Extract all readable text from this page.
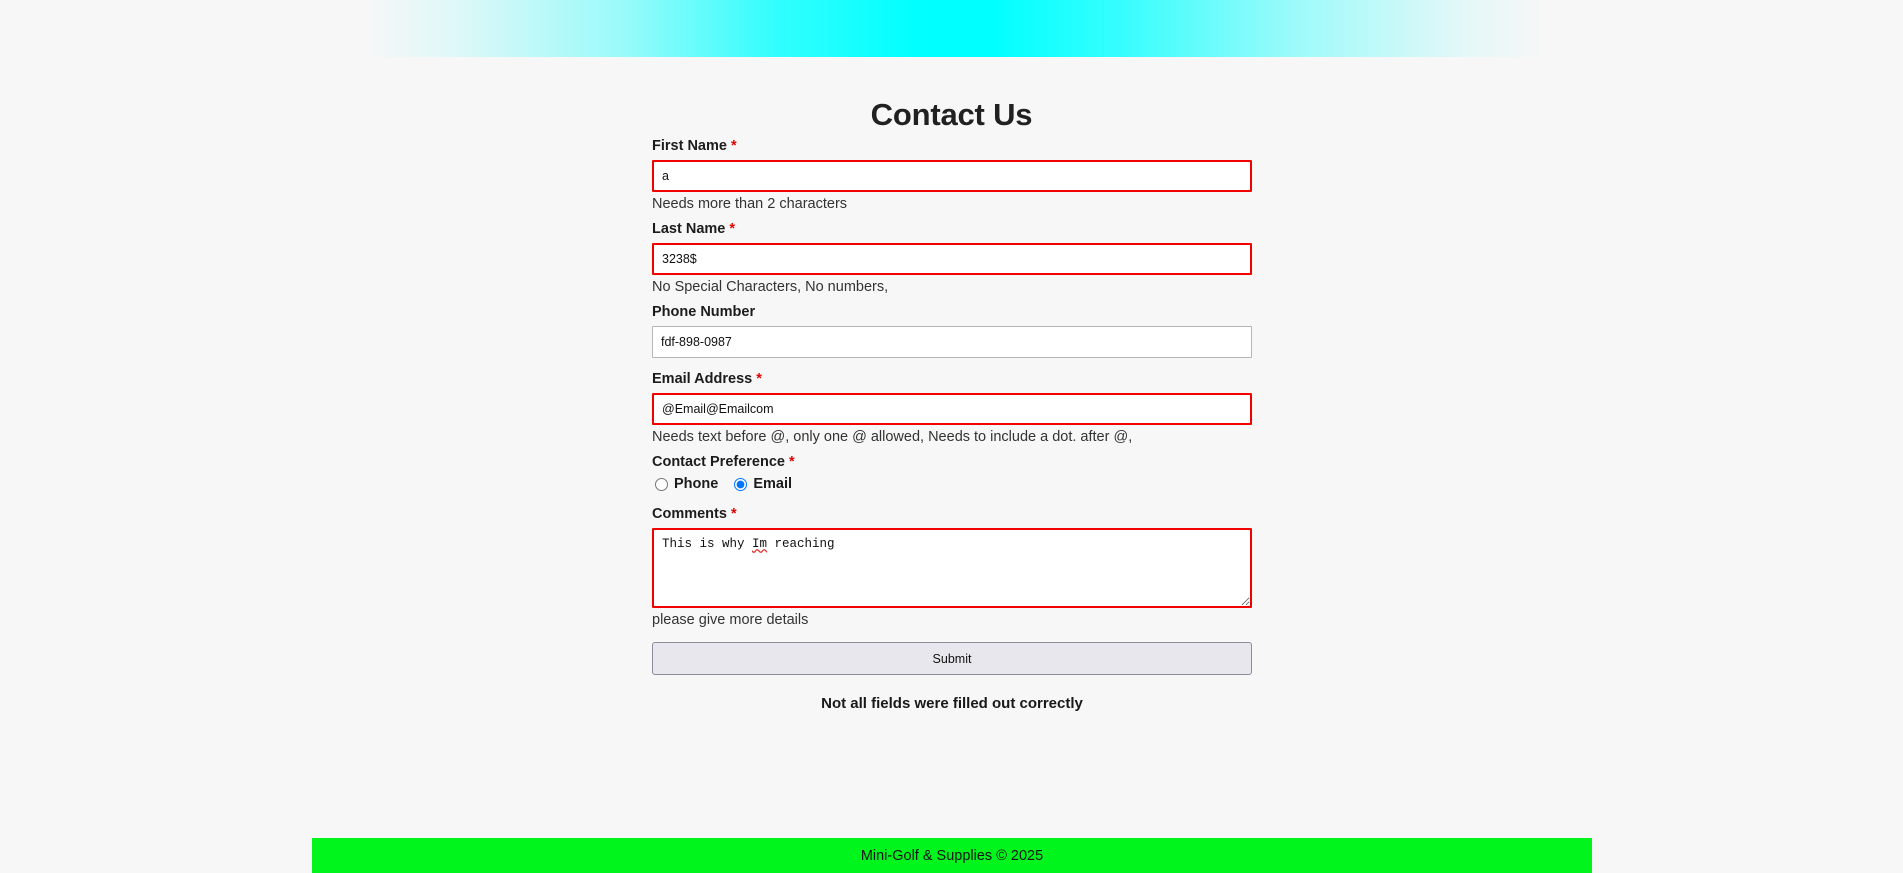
Contact Us
First Name *
a
Needs more than 2 characters
Last Name *
3238$
No Special Characters, No numbers,
Phone Number
fdf-898-0987
Email Address *
@Email@Emailcom
Needs text before @, only one @ allowed, Needs to include a dot. after @,
Contact Preference *
Phone Email
Comments *
This is why Im reaching
please give more details
Submit
Not all fields were filled out correctly
Mini-Golf & Supplies © 2025
